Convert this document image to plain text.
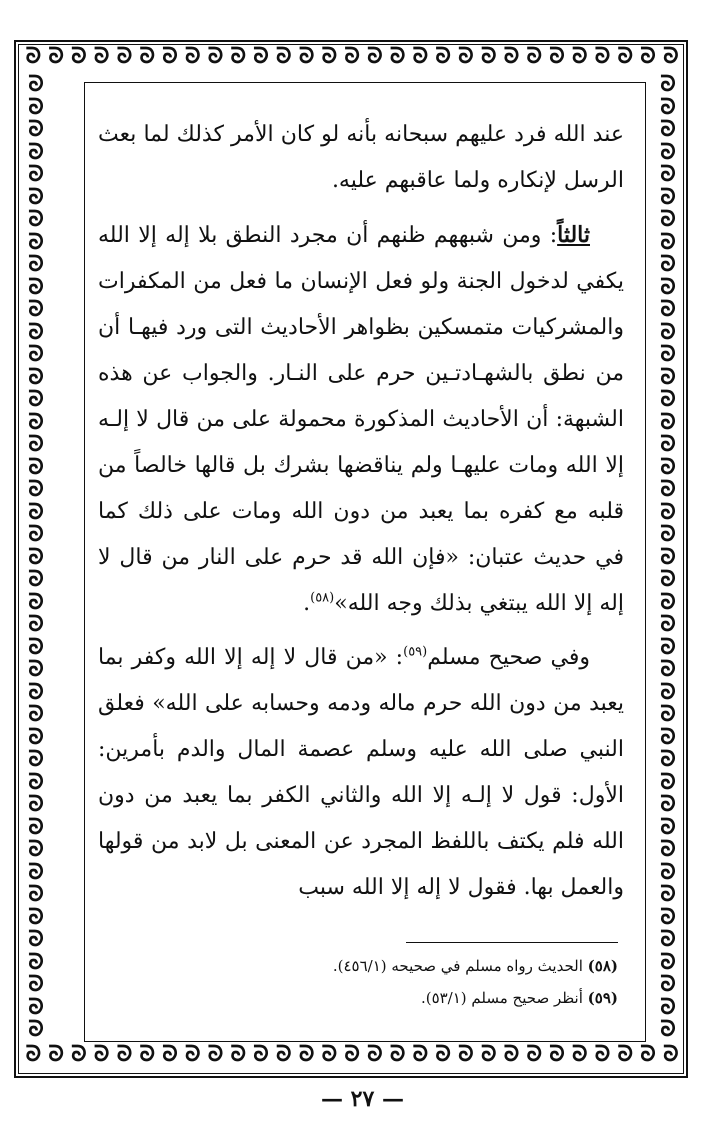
ᘐ ᘐ ᘐ ᘐ ᘐ ᘐ ᘐ ᘐ ᘐ ᘐ ᘐ ᘐ ᘐ ᘐ ᘐ ᘐ ᘐ ᘐ ᘐ ᘐ ᘐ ᘐ ᘐ ᘐ ᘐ ᘐ ᘐ ᘐ ᘐ
ᘐ ᘐ ᘐ ᘐ ᘐ ᘐ ᘐ ᘐ ᘐ ᘐ ᘐ ᘐ ᘐ ᘐ ᘐ ᘐ ᘐ ᘐ ᘐ ᘐ ᘐ ᘐ ᘐ ᘐ ᘐ ᘐ ᘐ ᘐ ᘐ
ᘐ
ᘐ
ᘐ
ᘐ
ᘐ
ᘐ
ᘐ
ᘐ
ᘐ
ᘐ
ᘐ
ᘐ
ᘐ
ᘐ
ᘐ
ᘐ
ᘐ
ᘐ
ᘐ
ᘐ
ᘐ
ᘐ
ᘐ
ᘐ
ᘐ
ᘐ
ᘐ
ᘐ
ᘐ
ᘐ
ᘐ
ᘐ
ᘐ
ᘐ
ᘐ
ᘐ
ᘐ
ᘐ
ᘐ
ᘐ
ᘐ
ᘐ
ᘐ
ᘐ
ᘐ
ᘐ
ᘐ
ᘐ
ᘐ
ᘐ
ᘐ
ᘐ
ᘐ
ᘐ
ᘐ
ᘐ
ᘐ
ᘐ
ᘐ
ᘐ
ᘐ
ᘐ
ᘐ
ᘐ
ᘐ
ᘐ
ᘐ
ᘐ
ᘐ
ᘐ
ᘐ
ᘐ
ᘐ
ᘐ
ᘐ
ᘐ
ᘐ
ᘐ
ᘐ
ᘐ
ᘐ
ᘐ
ᘐ
ᘐ
ᘐ
ᘐ

عند الله فرد عليهم سبحانه بأنه لو كان الأمر كذلك لما بعث الرسل لإنكاره ولما عاقبهم عليه.

ثالثاً: ومن شبههم ظنهم أن مجرد النطق بلا إله إلا الله يكفي لدخول الجنة ولو فعل الإنسان ما فعل من المكفرات والمشركيات متمسكين بظواهر الأحاديث التى ورد فيهـا أن من نطق بالشهـادتـين حرم على النـار. والجواب عن هذه الشبهة: أن الأحاديث المذكورة محمولة على من قال لا إلـه إلا الله ومات عليهـا ولم يناقضها بشرك بل قالها خالصاً من قلبه مع كفره بما يعبد من دون الله ومات على ذلك كما في حديث عتبان: «فإن الله قد حرم على النار من قال لا إله إلا الله يبتغي بذلك وجه الله»$^{(٥٨)}$.

وفي صحيح مسلم$^{(٥٩)}$: «من قال لا إله إلا الله وكفر بما يعبد من دون الله حرم ماله ودمه وحسابه على الله» فعلق النبي صلى الله عليه وسلم عصمة المال والدم بأمرين: الأول: قول لا إلـه إلا الله والثاني الكفر بما يعبد من دون الله فلم يكتف باللفظ المجرد عن المعنى بل لابد من قولها والعمل بها. فقول لا إله إلا الله سبب

(٥٨) الحديث رواه مسلم في صحيحه (٤٥٦/١).
(٥٩) أنظر صحيح مسلم (٥٣/١).
— ٢٧ —
